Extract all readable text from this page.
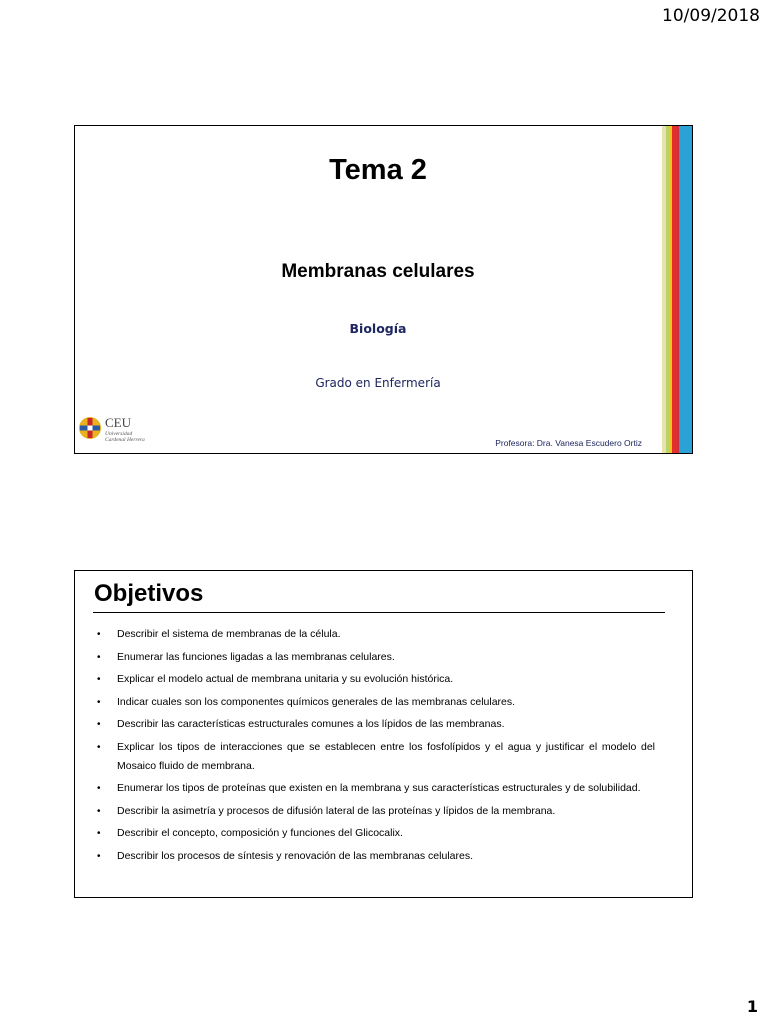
10/09/2018
Tema 2
Membranas celulares
Biología
Grado en Enfermería
CEU
Universidad
Cardenal Herrera	Profesora: Dra. Vanesa Escudero Ortiz
Objetivos
• Describir el sistema de membranas de la célula.
• Enumerar las funciones ligadas a las membranas celulares.
• Explicar el modelo actual de membrana unitaria y su evolución histórica.
• Indicar cuales son los componentes químicos generales de las membranas celulares.
• Describir las características estructurales comunes a los lípidos de las membranas.
• Explicar los tipos de interacciones que se establecen entre los fosfolípidos y el agua y justificar el modelo del Mosaico fluido de membrana.
• Enumerar los tipos de proteínas que existen en la membrana y sus características estructurales y de solubilidad.
• Describir la asimetría y procesos de difusión lateral de las proteínas y lípidos de la membrana.
• Describir el concepto, composición y funciones del Glicocalix.
• Describir los procesos de síntesis y renovación de las membranas celulares.
1
